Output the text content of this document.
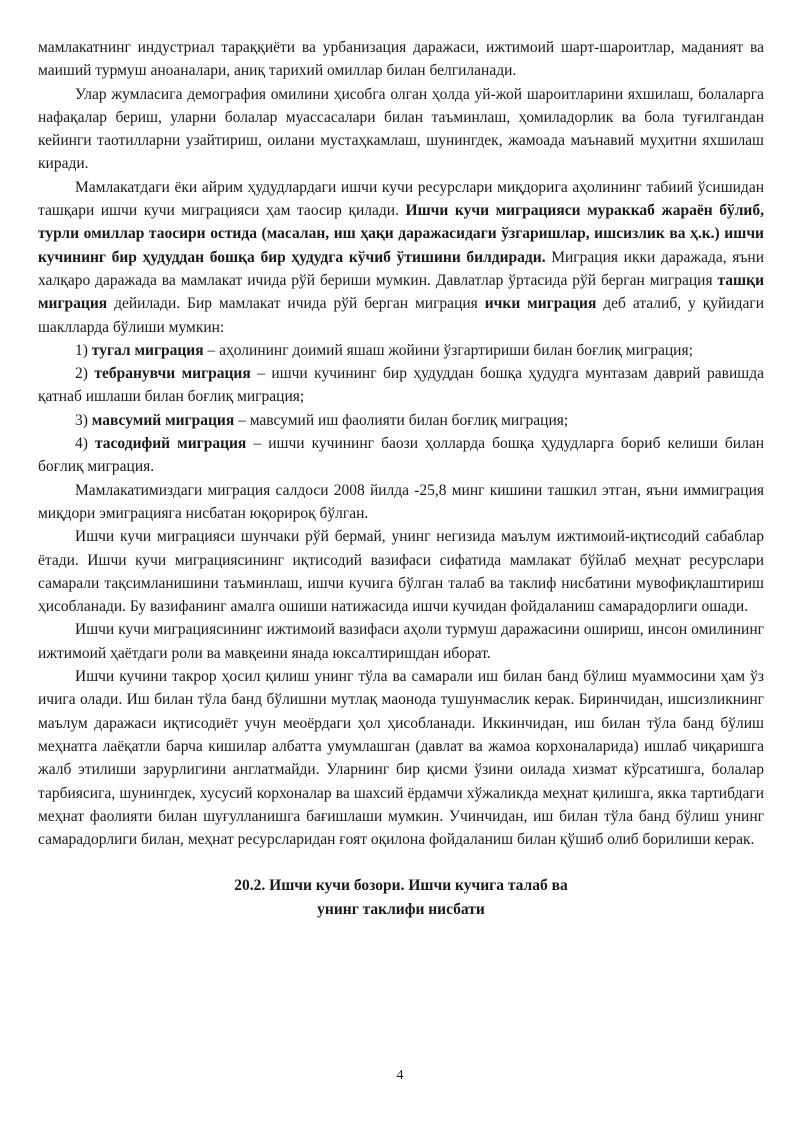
мамлакатнинг индустриал тараққиёти ва урбанизация даражаси, ижтимоий шарт-шароитлар, маданият ва маиший турмуш аноаналари, аниқ тарихий омиллар билан белгиланади.

Улар жумласига демография омилини ҳисобга олган ҳолда уй-жой шароитларини яхшилаш, болаларга нафақалар бериш, уларни болалар муассасалари билан таъминлаш, ҳомиладорлик ва бола туғилгандан кейинги таотилларни узайтириш, оилани мустаҳкамлаш, шунингдек, жамоада маънавий муҳитни яхшилаш киради.

Мамлакатдаги ёки айрим ҳудудлардаги ишчи кучи ресурслари миқдорига аҳолининг табиий ўсишидан ташқари ишчи кучи миграцияси ҳам таосир қилади. Ишчи кучи миграцияси мураккаб жараён бўлиб, турли омиллар таосири остида (масалан, иш ҳақи даражасидаги ўзгаришлар, ишсизлик ва ҳ.к.) ишчи кучининг бир ҳудуддан бошқа бир ҳудудга кўчиб ўтишини билдиради. Миграция икки даражада, яъни халқаро даражада ва мамлакат ичида рўй бериши мумкин. Давлатлар ўртасида рўй берган миграция ташқи миграция дейилади. Бир мамлакат ичида рўй берган миграция ички миграция деб аталиб, у қуйидаги шаклларда бўлиши мумкин:

1) тугал миграция – аҳолининг доимий яшаш жойини ўзгартириши билан боғлиқ миграция;

2) тебранувчи миграция – ишчи кучининг бир ҳудуддан бошқа ҳудудга мунтазам даврий равишда қатнаб ишлаши билан боғлиқ миграция;

3) мавсумий миграция – мавсумий иш фаолияти билан боғлиқ миграция;

4) тасодифий миграция – ишчи кучининг баози ҳолларда бошқа ҳудудларга бориб келиши билан боғлиқ миграция.

Мамлакатимиздаги миграция салдоси 2008 йилда -25,8 минг кишини ташкил этган, яъни иммиграция миқдори эмиграцияга нисбатан юқорироқ бўлган.

Ишчи кучи миграцияси шунчаки рўй бермай, унинг негизида маълум ижтимоий-иқтисодий сабаблар ётади. Ишчи кучи миграциясининг иқтисодий вазифаси сифатида мамлакат бўйлаб меҳнат ресурслари самарали тақсимланишини таъминлаш, ишчи кучига бўлган талаб ва таклиф нисбатини мувофиқлаштириш ҳисобланади. Бу вазифанинг амалга ошиши натижасида ишчи кучидан фойдаланиш самарадорлиги ошади.

Ишчи кучи миграциясининг ижтимоий вазифаси аҳоли турмуш даражасини ошириш, инсон омилининг ижтимоий ҳаётдаги роли ва мавқеини янада юксалтиришдан иборат.

Ишчи кучини такрор ҳосил қилиш унинг тўла ва самарали иш билан банд бўлиш муаммосини ҳам ўз ичига олади. Иш билан тўла банд бўлишни мутлақ маонода тушунмаслик керак. Биринчидан, ишсизликнинг маълум даражаси иқтисодиёт учун меоёрдаги ҳол ҳисобланади. Иккинчидан, иш билан тўла банд бўлиш меҳнатга лаёқатли барча кишилар албатта умумлашган (давлат ва жамоа корхоналарида) ишлаб чиқаришга жалб этилиши зарурлигини англатмайди. Уларнинг бир қисми ўзини оилада хизмат кўрсатишга, болалар тарбиясига, шунингдек, хусусий корхоналар ва шахсий ёрдамчи хўжаликда меҳнат қилишга, якка тартибдаги меҳнат фаолияти билан шуғулланишга бағишлаши мумкин. Учинчидан, иш билан тўла банд бўлиш унинг самарадорлиги билан, меҳнат ресурсларидан ғоят оқилона фойдаланиш билан қўшиб олиб борилиши керак.

20.2. Ишчи кучи бозори. Ишчи кучига талаб ва
унинг таклифи нисбати
4
